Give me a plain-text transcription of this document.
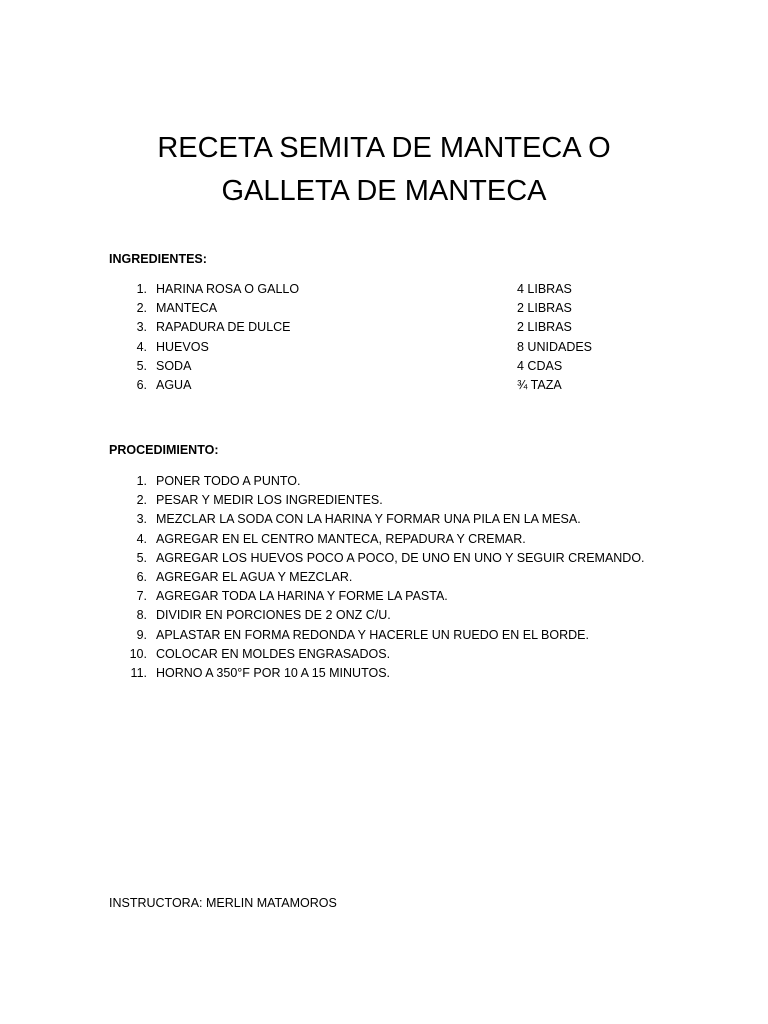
RECETA SEMITA DE MANTECA O
GALLETA DE MANTECA

INGREDIENTES:

1. HARINA ROSA O GALLO	4 LIBRAS
2. MANTECA	2 LIBRAS
3. RAPADURA DE DULCE	2 LIBRAS
4. HUEVOS	8 UNIDADES
5. SODA	4 CDAS
6. AGUA	¾ TAZA

PROCEDIMIENTO:

1. PONER TODO A PUNTO.
2. PESAR Y MEDIR LOS INGREDIENTES.
3. MEZCLAR LA SODA CON LA HARINA Y FORMAR UNA PILA EN LA MESA.
4. AGREGAR EN EL CENTRO MANTECA, REPADURA Y CREMAR.
5. AGREGAR LOS HUEVOS POCO A POCO, DE UNO EN UNO Y SEGUIR CREMANDO.
6. AGREGAR EL AGUA Y MEZCLAR.
7. AGREGAR TODA LA HARINA Y FORME LA PASTA.
8. DIVIDIR EN PORCIONES DE 2 ONZ C/U.
9. APLASTAR EN FORMA REDONDA Y HACERLE UN RUEDO EN EL BORDE.
10. COLOCAR EN MOLDES ENGRASADOS.
11. HORNO A 350°F POR 10 A 15 MINUTOS.

INSTRUCTORA: MERLIN MATAMOROS
